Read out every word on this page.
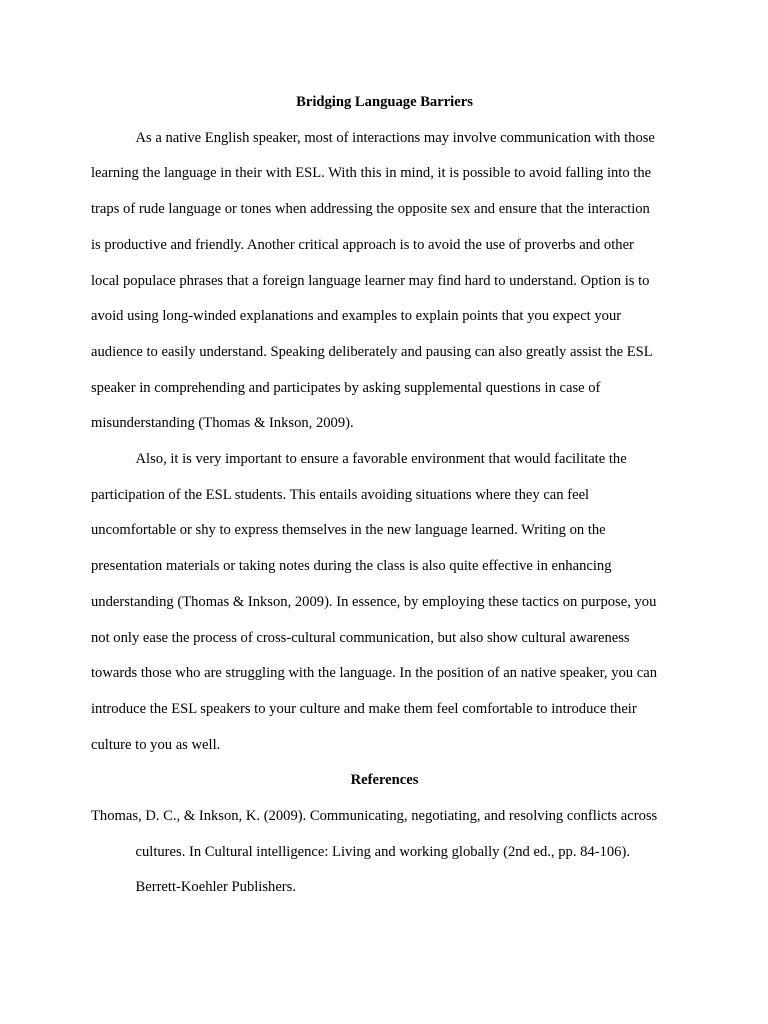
Bridging Language Barriers

As a native English speaker, most of interactions may involve communication with those
learning the language in their with ESL. With this in mind, it is possible to avoid falling into the
traps of rude language or tones when addressing the opposite sex and ensure that the interaction
is productive and friendly. Another critical approach is to avoid the use of proverbs and other
local populace phrases that a foreign language learner may find hard to understand. Option is to
avoid using long-winded explanations and examples to explain points that you expect your
audience to easily understand. Speaking deliberately and pausing can also greatly assist the ESL
speaker in comprehending and participates by asking supplemental questions in case of
misunderstanding (Thomas & Inkson, 2009).

Also, it is very important to ensure a favorable environment that would facilitate the
participation of the ESL students. This entails avoiding situations where they can feel
uncomfortable or shy to express themselves in the new language learned. Writing on the
presentation materials or taking notes during the class is also quite effective in enhancing
understanding (Thomas & Inkson, 2009). In essence, by employing these tactics on purpose, you
not only ease the process of cross-cultural communication, but also show cultural awareness
towards those who are struggling with the language. In the position of an native speaker, you can
introduce the ESL speakers to your culture and make them feel comfortable to introduce their
culture to you as well.

References

Thomas, D. C., & Inkson, K. (2009). Communicating, negotiating, and resolving conflicts across
cultures. In Cultural intelligence: Living and working globally (2nd ed., pp. 84-106).
Berrett-Koehler Publishers.
